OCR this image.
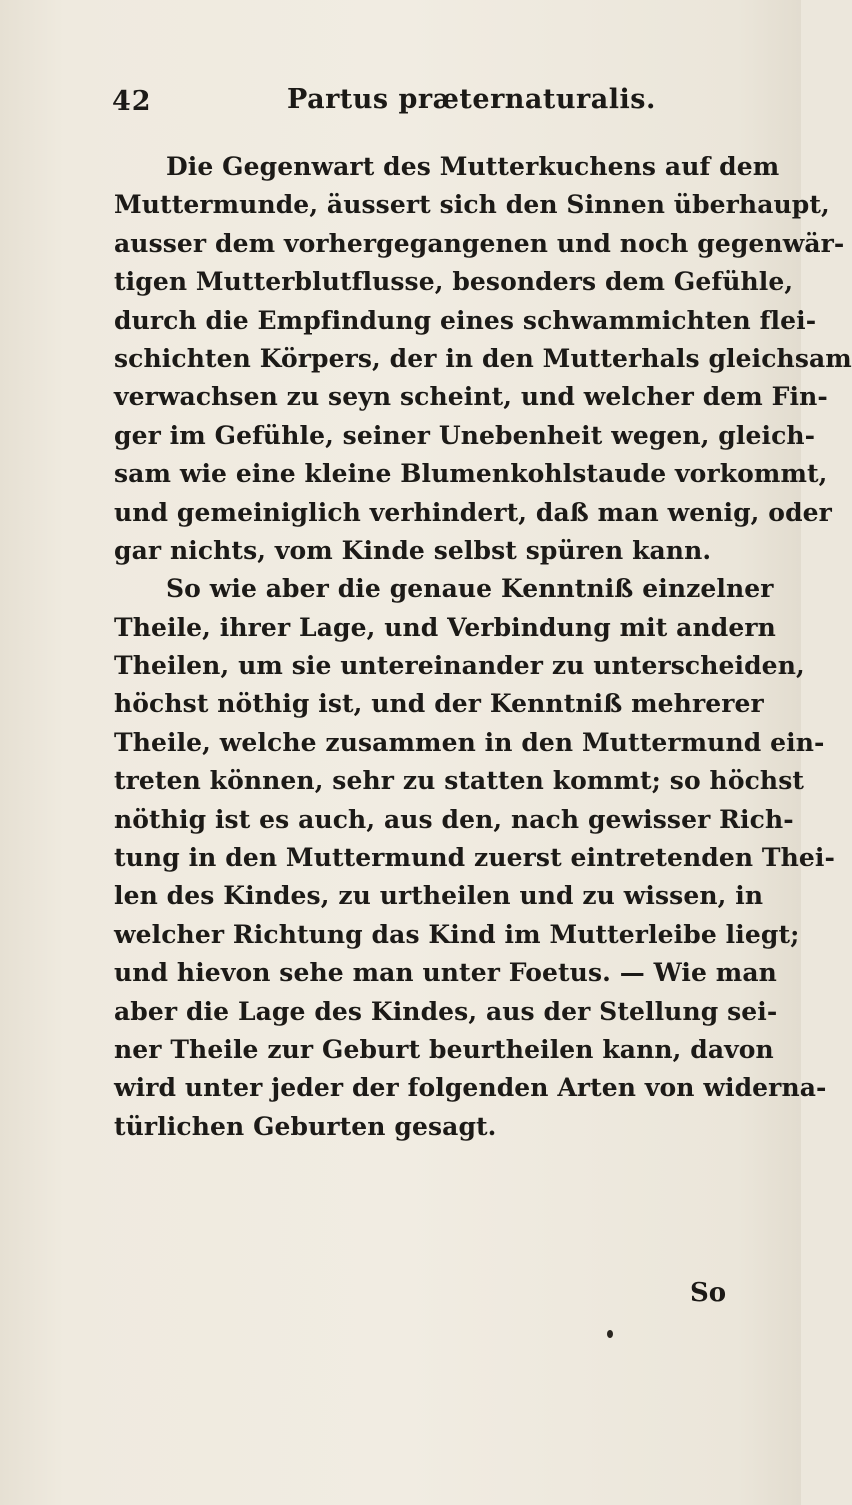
42	Partus præternaturalis.
Die Gegenwart des Mutterkuchens auf dem
Muttermunde, äussert sich den Sinnen überhaupt,
ausser dem vorhergegangenen und noch gegenwär-
tigen Mutterblutflusse, besonders dem Gefühle,
durch die Empfindung eines schwammichten flei-
schichten Körpers, der in den Mutterhals gleichsam
verwachsen zu seyn scheint, und welcher dem Fin-
ger im Gefühle, seiner Unebenheit wegen, gleich-
sam wie eine kleine Blumenkohlstaude vorkommt,
und gemeiniglich verhindert, daß man wenig, oder
gar nichts, vom Kinde selbst spüren kann.
So wie aber die genaue Kenntniß einzelner
Theile, ihrer Lage, und Verbindung mit andern
Theilen, um sie untereinander zu unterscheiden,
höchst nöthig ist, und der Kenntniß mehrerer
Theile, welche zusammen in den Muttermund ein-
treten können, sehr zu statten kommt; so höchst
nöthig ist es auch, aus den, nach gewisser Rich-
tung in den Muttermund zuerst eintretenden Thei-
len des Kindes, zu urtheilen und zu wissen, in
welcher Richtung das Kind im Mutterleibe liegt;
und hievon sehe man unter Foetus. — Wie man
aber die Lage des Kindes, aus der Stellung sei-
ner Theile zur Geburt beurtheilen kann, davon
wird unter jeder der folgenden Arten von widerna-
türlichen Geburten gesagt.
So
